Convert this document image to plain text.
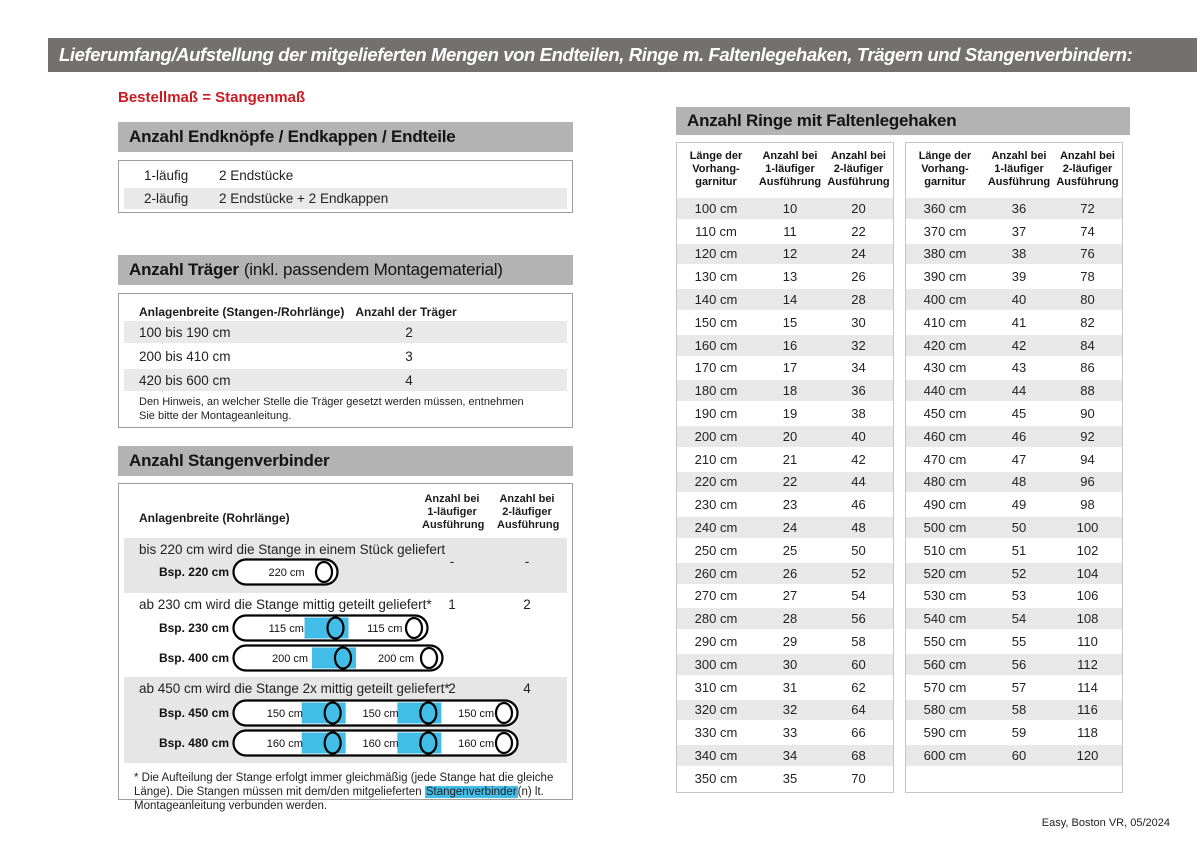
Lieferumfang/Aufstellung der mitgelieferten Mengen von Endteilen, Ringe m. Faltenlegehaken, Trägern und Stangenverbindern:
Bestellmaß = Stangenmaß
Anzahl Endknöpfe / Endkappen / Endteile
1-läufig	2 Endstücke
2-läufig	2 Endstücke + 2 Endkappen
Anzahl Träger (inkl. passendem Montagematerial)
Anlagenbreite (Stangen-/Rohrlänge) Anzahl der Träger
100 bis 190 cm	2
200 bis 410 cm	3
420 bis 600 cm	4
Den Hinweis, an welcher Stelle die Träger gesetzt werden müssen, entnehmen Sie bitte der Montageanleitung.
Anzahl Stangenverbinder
Anlagenbreite (Rohrlänge)
Anzahl bei
1-läufiger
Ausführung
Anzahl bei
2-läufiger
Ausführung
bis 220 cm wird die Stange in einem Stück geliefert
-	-
Bsp. 220 cm	220 cm
ab 230 cm wird die Stange mittig geteilt geliefert*	1	2
Bsp. 230 cm	115 cm	115 cm
Bsp. 400 cm	200 cm	200 cm
ab 450 cm wird die Stange 2x mittig geteilt geliefert*
2	4
Bsp. 450 cm	150 cm	150 cm	150 cm
Bsp. 480 cm	160 cm	160 cm	160 cm
* Die Aufteilung der Stange erfolgt immer gleichmäßig (jede Stange hat die gleiche Länge). Die Stangen müssen mit dem/den mitgelieferten Stangenverbinder(n) lt. Montageanleitung verbunden werden.
Anzahl Ringe mit Faltenlegehaken
Länge der
Vorhang-
garnitur
Anzahl bei
1-läufiger
Ausführung
Anzahl bei
2-läufiger
Ausführung
100 cm	10	20
110 cm	11	22
120 cm	12	24
130 cm	13	26
140 cm	14	28
150 cm	15	30
160 cm	16	32
170 cm	17	34
180 cm	18	36
190 cm	19	38
200 cm	20	40
210 cm	21	42
220 cm	22	44
230 cm	23	46
240 cm	24	48
250 cm	25	50
260 cm	26	52
270 cm	27	54
280 cm	28	56
290 cm	29	58
300 cm	30	60
310 cm	31	62
320 cm	32	64
330 cm	33	66
340 cm	34	68
350 cm	35	70
Länge der
Vorhang-
garnitur
Anzahl bei
1-läufiger
Ausführung
Anzahl bei
2-läufiger
Ausführung
360 cm	36	72
370 cm	37	74
380 cm	38	76
390 cm	39	78
400 cm	40	80
410 cm	41	82
420 cm	42	84
430 cm	43	86
440 cm	44	88
450 cm	45	90
460 cm	46	92
470 cm	47	94
480 cm	48	96
490 cm	49	98
500 cm	50	100
510 cm	51	102
520 cm	52	104
530 cm	53	106
540 cm	54	108
550 cm	55	110
560 cm	56	112
570 cm	57	114
580 cm	58	116
590 cm	59	118
600 cm	60	120
Easy, Boston VR, 05/2024
